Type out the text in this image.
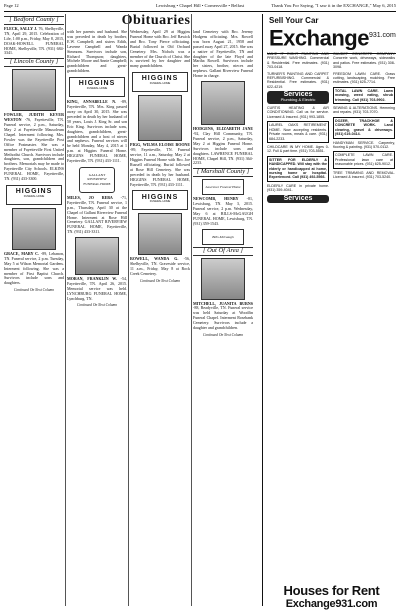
Page 12	Lewisburg • Chapel Hill • Cornersville • Belfast	Thank You For Saying, "I saw it in the EXCHANGE," May 6, 2015
Obituaries
[ Bedford County ]

FLECK, SALLY J. 76, Shelbyville, TN, April 29, 2015. Celebration of Life, 1:00 p.m., Friday, May 8, 2015, DOAK-HOWELL FUNERAL HOME, Shelbyville, TN. (931) 684-3341.

[ Lincoln County ]

FOWLER, JUDITH KEVER WESTON -76, Fayetteville, TN. Funeral service, 2 p.m., Saturday, May 2 at Fayetteville Mausoleum Chapel. Interment following. Mrs. Fowler was the Fayetteville Post Office Postmaster. She was a member of Fayetteville First United Methodist Church. Survivors include daughters, son, grandchildren and brothers. Memorials may be made to Fayetteville City Schools. ELKINS FUNERAL HOME, Fayetteville, TN. (931) 433-3300.

HIGGINS
FUNERAL HOME

GRACE, MARY C. -89, Lebanon, TN. Funeral service, 2 p.m. Tuesday, May 5 at Wilson Memorial Gardens. Interment following. She was a member of First Baptist Church. Survivors include sons and daughters.

Continued On Next Column

with her parents and husband. She was preceded in death by brother, E.W. Campbell; and sisters Edith, Laverne Campbell and Wanda Simmons. Survivors include son, Richard Thompson; daughters, Michele Moore and Annie Campbell; grandchildren and great-grandchildren.

HIGGINS
FUNERAL HOME

KING, ANNABELLE N. -89, Fayetteville, TN. Mrs. King passed away on April 30, 2015. She was preceded in death by her husband of 50 years, Louis J. King Sr. and son Eric King. Survivors include sons, daughters, grandchildren, great-grandchildren and a host of nieces and nephews. Funeral services will be held Monday, May 4, 2015 at 1 p.m. at Higgins Funeral Home. HIGGINS FUNERAL HOME, Fayetteville, TN. (931) 433-1111.

GALLANT RIVERVIEW FUNERAL HOME

MILES, JO REBA -71, Fayetteville, TN. Funeral service, 1 p.m., Thursday, April 30 at the Chapel of Gallant Riverview Funeral Home. Interment at Rose Hill Cemetery. GALLANT RIVERVIEW FUNERAL HOME, Fayetteville, TN. (931) 433-3311.

MORAN, FRANKLIN W. -54, Fayetteville, TN. April 26, 2015. Memorial service was held. LYNCHBURG FUNERAL HOME, Lynchburg, TN.

Continued On Next Column

Wednesday, April 29 at Higgins Funeral Home with Bro. Jeff Rawick and Bro. Tony Pierce officiating. Burial followed in Old Orchard Cemetery. Mrs. Nichols was a member of the Church of Christ. She is survived by her daughter and many grandchildren.

HIGGINS
FUNERAL HOME

PIGG, WILMA ELOISE BOONE -89, Fayetteville, TN. Funeral service, 11 a.m., Saturday, May 2 at Higgins Funeral Home with Bro. Joe Russell officiating. Burial followed at Rose Hill Cemetery. She was preceded in death by her husband. HIGGINS FUNERAL HOME, Fayetteville, TN. (931) 433-1111.

HIGGINS
FUNERAL HOME

ROWELL, WANDA G. -56, Shelbyville, TN. Graveside service, 11 a.m., Friday, May 8 at Rock Creek Cemetery.

Continued On Next Column

land Cemetery with Bro. Jeremy Hodgens officiating. Mrs. Rowell was born August 21, 1958 and passed away April 27, 2015. She was a native of Fayetteville, TN and daughter of the late Floyd and Martha Rowell. Survivors include her sisters, brother, nieces and nephews. Gallant Riverview Funeral Home in charge.

HODGENS, ELIZABETH JANE -92, Clay Hill Community, TN. Funeral service, 2 p.m., Saturday, May 2 at Higgins Funeral Home. Survivors include sons and daughters. LAWRENCE FUNERAL HOME, Chapel Hill, TN. (931) 364-2233.

[ Marshall County ]
Lawrence Funeral Home

NEWCOMB, HENRY -81, Lewisburg, TN. May 3, 2015. Funeral service, 2 p.m. Wednesday, May 6 at BILLS-McGAUGH FUNERAL HOME, Lewisburg, TN. (931) 359-1543.

Bills-McGaugh
[ Out Of Area ]

MITCHELL, JUANITA BURNS -88, Readyville, TN. Funeral service was held Saturday at Woodfin Funeral Chapel. Interment Rosebank Cemetery. Survivors include a daughter and grandchildren.

Continued On Next Column
Sell Your Car
Exchange$^{931.com}$

MAKE IT RIGHT PAINTING AND PRESSURE WASHING. Commercial & Residential. Free estimates. (931) 703-0418.

TURNER'S PAINTING AND CARPET REFURBISHING. Commercial & Residential. Free estimates. (931) 622-4219.

Services
Plumbing & Electric

CURTIS HEATING & AIR CONDITIONING. Call us for service. Licensed & insured. (931) 993-1855.

LAUREL OAKS RETIREMENT HOME. Now accepting residents. Private rooms, meals & care. (931) 684-2233.

CHILDCARE IN MY HOME. Ages 0-12. Full & part time. (931) 703-5551.

SITTER FOR ELDERLY & HANDICAPPED. Will stay with the elderly or handicapped at home, nursing home or hospital. Experienced. Call (931) 492-5566.

ELDERLY CARE in private home. (931) 359-4041.

Services

GAUDET CONCRETE COMPANY. Concrete work, driveways, sidewalks and patios. Free estimates. (931) 308-3098.

FREEDOM LAWN CARE. Grass cutting, landscaping, mulching. Free estimates. (931) 625-7714.

TOTAL LAWN CARE. Lawn mowing, weed eating, shrub trimming. Call (931) 703-9902.

SEWING & ALTERATIONS. Hemming and repairs. (931) 703-7070.

DOZER, TRACKHOE & CONCRETE WORK. Land clearing, gravel & driveways. (931) 619-0414.

HANDYMAN SERVICE. Carpentry, flooring & painting. (931) 570-0112.

COMPLETE LAWN CARE. Professional lawn care at reasonable prices. (931) 625-9012.

TREE TRIMMING AND REMOVAL. Licensed & insured. (931) 703-5240.

Houses for Rent
Exchange931.com
